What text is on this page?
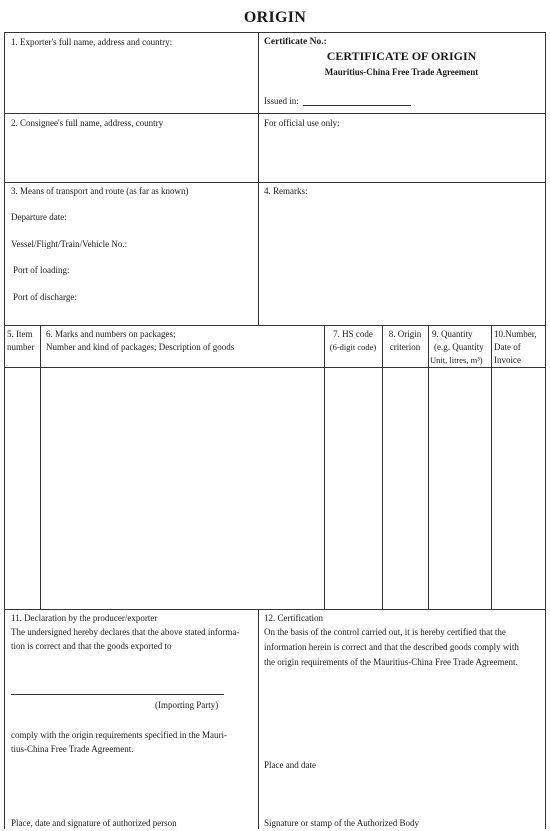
ORIGIN
1. Exporter's full name, address and country:	Certificate No.:
CERTIFICATE OF ORIGIN
Mauritius-China Free Trade Agreement
Issued in:
2. Consignee's full name, address, country	For official use only:
3. Means of transport and route (as far as known)
Departure date:
Vessel/Flight/Train/Vehicle No.:
Port of loading:
Port of discharge:
4. Remarks:
5. Item
number
6. Marks and numbers on packages;
Number and kind of packages; Description of goods
7. HS code
(6-digit code)
8. Origin
criterion
9. Quantity
(e.g. Quantity
Unit, litres, m³)
10.Number,
Date of
Invoice
11. Declaration by the producer/exporter
The undersigned hereby declares that the above stated informa-
tion is correct and that the goods exported to
(Importing Party)
comply with the origin requirements specified in the Mauri-
tius-China Free Trade Agreement.
Place, date and signature of authorized person
12. Certification
On the basis of the control carried out, it is hereby certified that the
information herein is correct and that the described goods comply with
the origin requirements of the Mauritius-China Free Trade Agreement.
Place and date
Signature or stamp of the Authorized Body
